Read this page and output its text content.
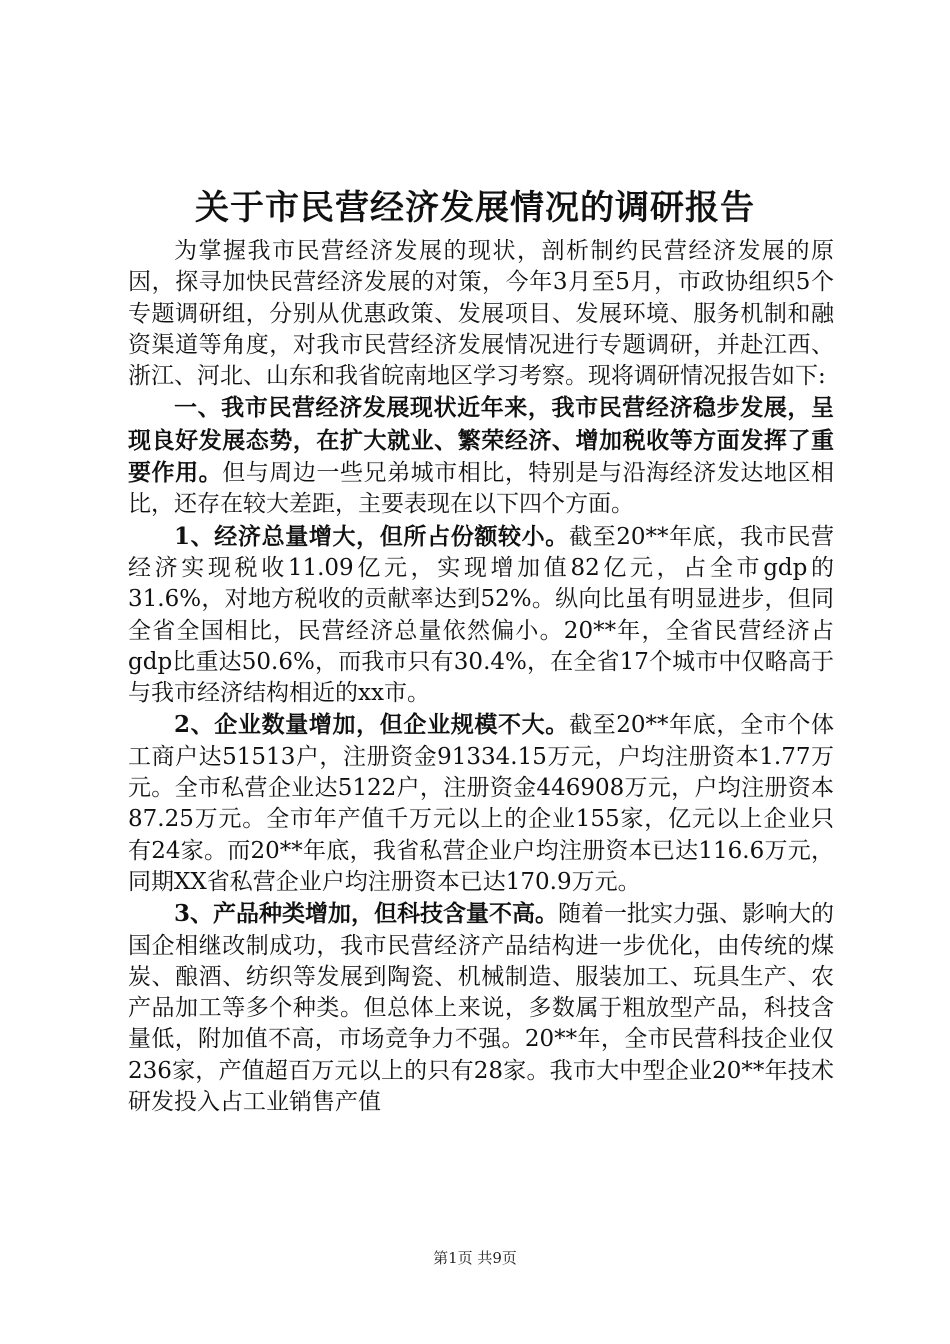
关于市民营经济发展情况的调研报告

为掌握我市民营经济发展的现状，剖析制约民营经济发展的原因，探寻加快民营经济发展的对策，今年3月至5月，市政协组织5个专题调研组，分别从优惠政策、发展项目、发展环境、服务机制和融资渠道等角度，对我市民营经济发展情况进行专题调研，并赴江西、浙江、河北、山东和我省皖南地区学习考察。现将调研情况报告如下:

一、我市民营经济发展现状近年来，我市民营经济稳步发展，呈现良好发展态势，在扩大就业、繁荣经济、增加税收等方面发挥了重要作用。但与周边一些兄弟城市相比，特别是与沿海经济发达地区相比，还存在较大差距，主要表现在以下四个方面。

1、经济总量增大，但所占份额较小。截至20**年底，我市民营经济实现税收11.09亿元，实现增加值82亿元，占全市gdp的31.6%，对地方税收的贡献率达到52%。纵向比虽有明显进步，但同全省全国相比，民营经济总量依然偏小。20**年，全省民营经济占gdp比重达50.6%，而我市只有30.4%，在全省17个城市中仅略高于与我市经济结构相近的xx市。

2、企业数量增加，但企业规模不大。截至20**年底，全市个体工商户达51513户，注册资金91334.15万元，户均注册资本1.77万元。全市私营企业达5122户，注册资金446908万元，户均注册资本87.25万元。全市年产值千万元以上的企业155家，亿元以上企业只有24家。而20**年底，我省私营企业户均注册资本已达116.6万元，同期XX省私营企业户均注册资本已达170.9万元。

3、产品种类增加，但科技含量不高。随着一批实力强、影响大的国企相继改制成功，我市民营经济产品结构进一步优化，由传统的煤炭、酿酒、纺织等发展到陶瓷、机械制造、服装加工、玩具生产、农产品加工等多个种类。但总体上来说，多数属于粗放型产品，科技含量低，附加值不高，市场竞争力不强。20**年，全市民营科技企业仅236家，产值超百万元以上的只有28家。我市大中型企业20**年技术研发投入占工业销售产值

第1页 共9页
